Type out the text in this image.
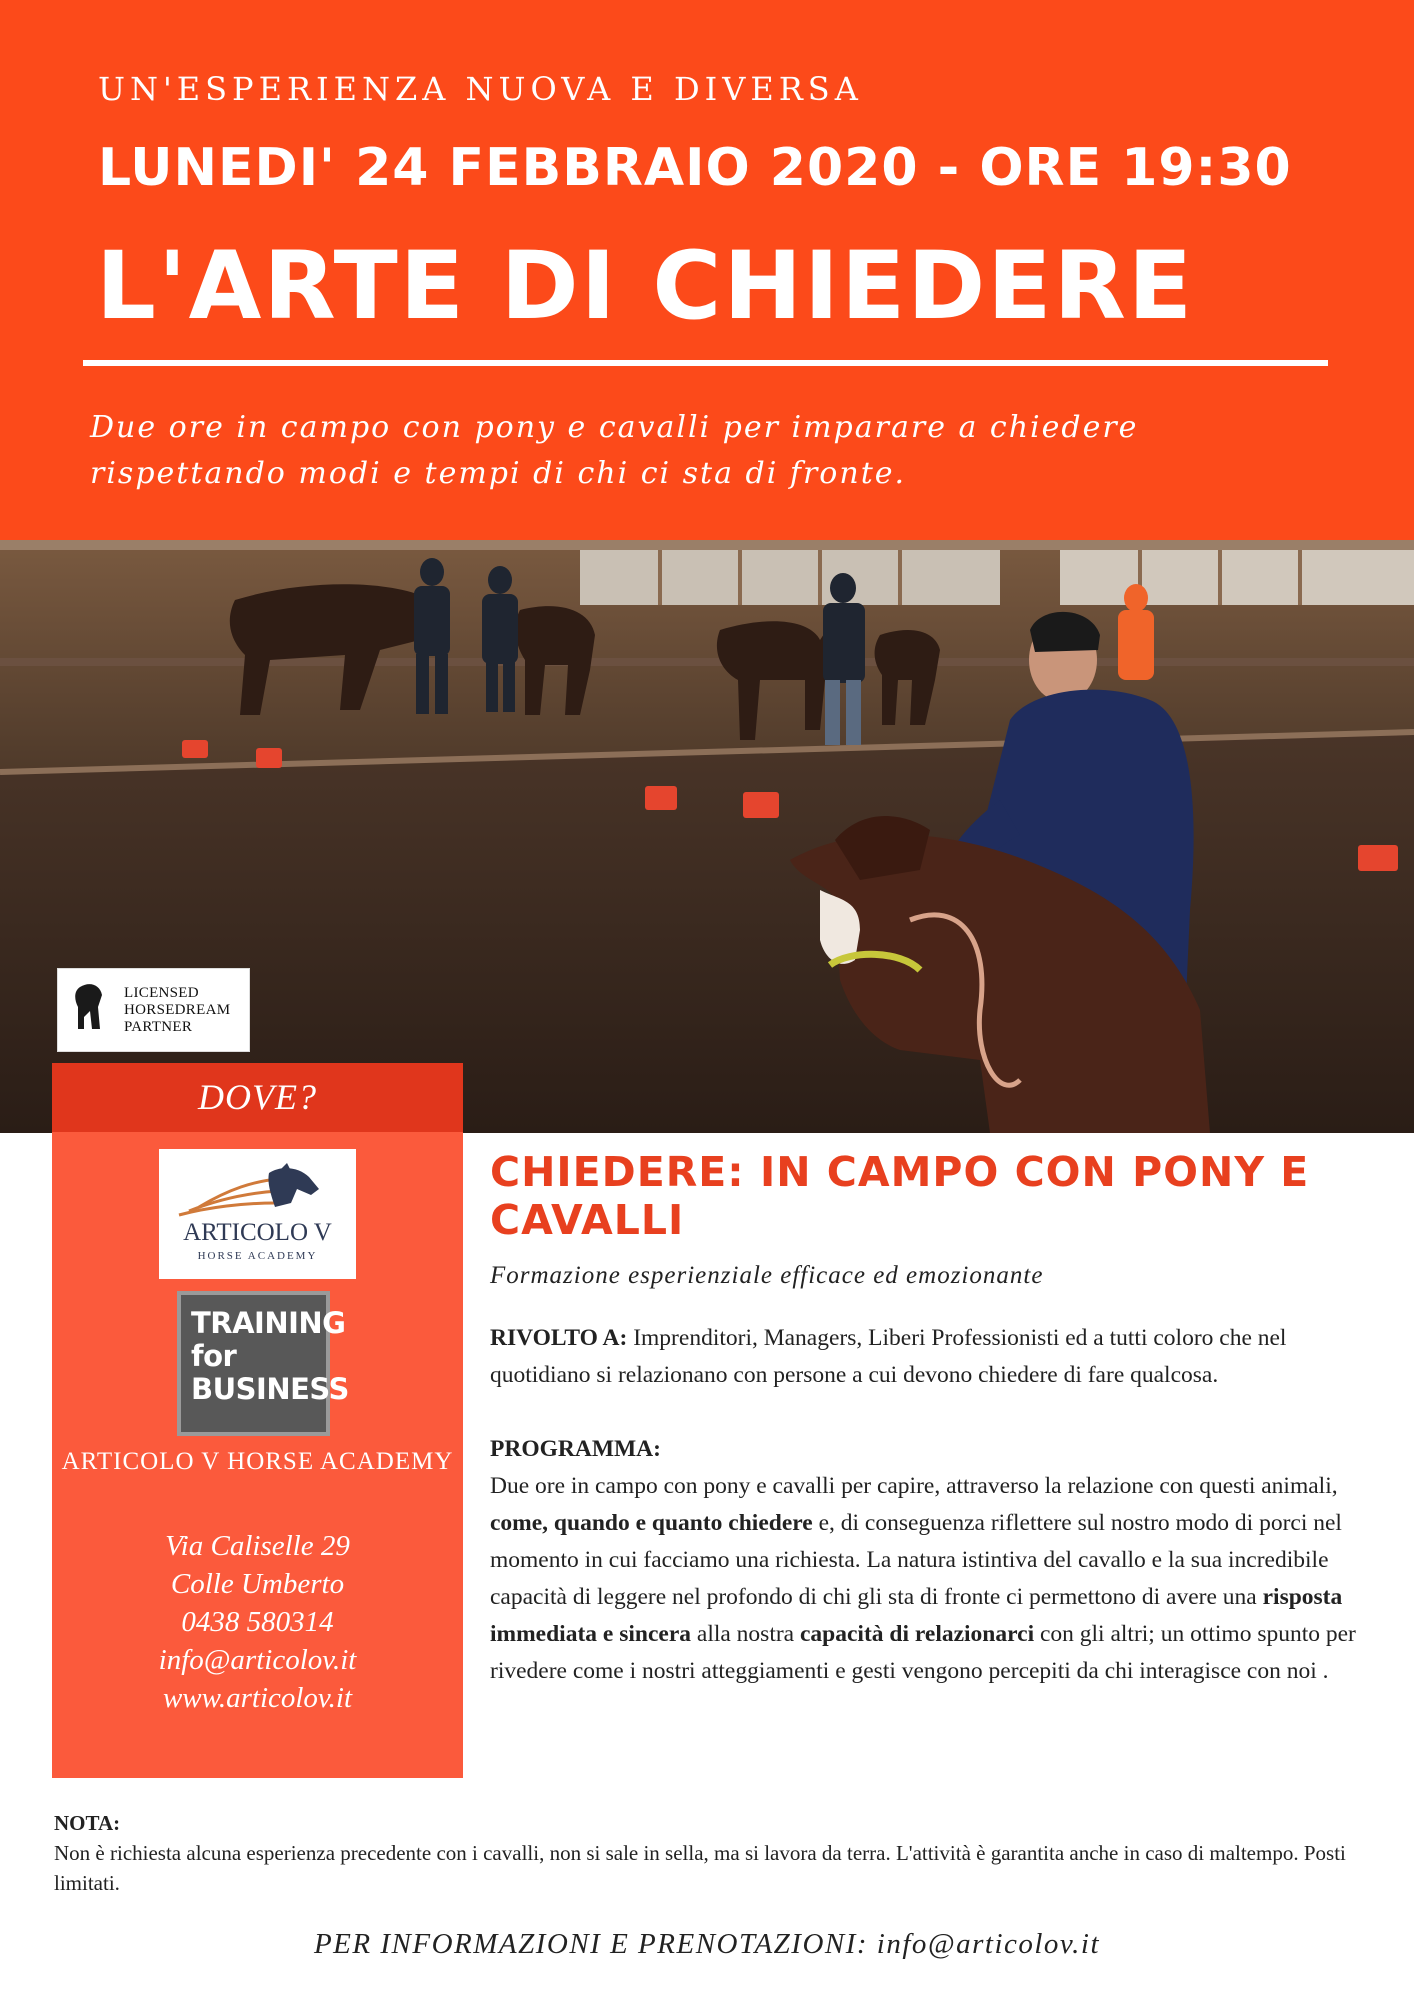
UN'ESPERIENZA NUOVA E DIVERSA
LUNEDI' 24 FEBBRAIO 2020 - ORE 19:30
L'ARTE DI CHIEDERE
Due ore in campo con pony e cavalli per imparare a chiedere rispettando modi e tempi di chi ci sta di fronte.
LICENSED
HORSEDREAM
PARTNER
DOVE?
ARTICOLO V
HORSE ACADEMY
TRAINING
for
BUSINESS
ARTICOLO V HORSE ACADEMY
Via Caliselle 29
Colle Umberto
0438 580314
info@articolov.it
www.articolov.it
CHIEDERE: IN CAMPO CON PONY E CAVALLI
Formazione esperienziale efficace ed emozionante

RIVOLTO A: Imprenditori, Managers, Liberi Professionisti ed a tutti coloro che nel quotidiano si relazionano con persone a cui devono chiedere di fare qualcosa.

PROGRAMMA:
Due ore in campo con pony e cavalli per capire, attraverso la relazione con questi animali, come, quando e quanto chiedere e, di conseguenza riflettere sul nostro modo di porci nel momento in cui facciamo una richiesta. La natura istintiva del cavallo e la sua incredibile capacità di leggere nel profondo di chi gli sta di fronte ci permettono di avere una risposta immediata e sincera alla nostra capacità di relazionarci con gli altri; un ottimo spunto per rivedere come i nostri atteggiamenti e gesti vengono percepiti da chi interagisce con noi .
NOTA:
Non è richiesta alcuna esperienza precedente con i cavalli, non si sale in sella, ma si lavora da terra. L'attività è garantita anche in caso di maltempo. Posti limitati.
PER INFORMAZIONI E PRENOTAZIONI: info@articolov.it
